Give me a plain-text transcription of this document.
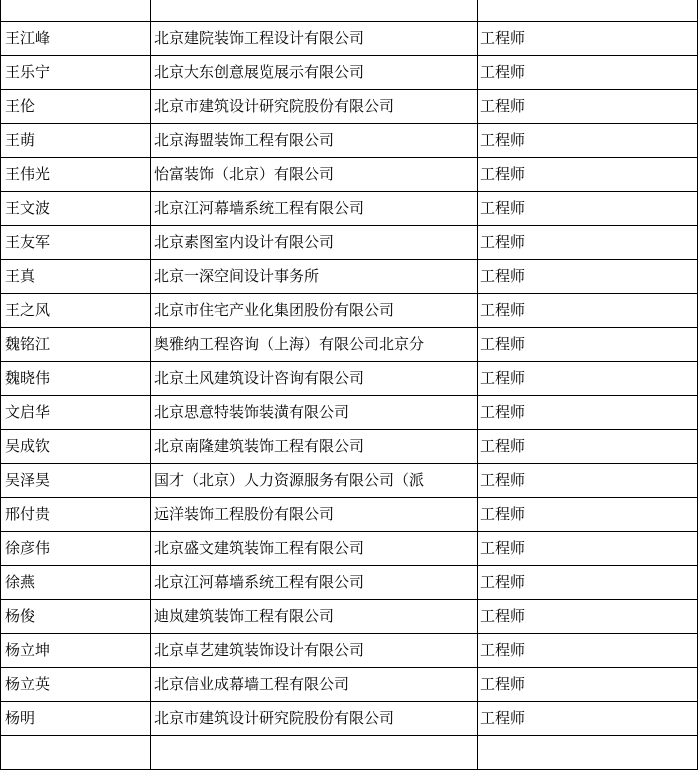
王江峰	北京建院装饰工程设计有限公司	工程师
王乐宁	北京大东创意展览展示有限公司	工程师
王伦	北京市建筑设计研究院股份有限公司	工程师
王萌	北京海盟装饰工程有限公司	工程师
王伟光	怡富装饰（北京）有限公司	工程师
王文波	北京江河幕墙系统工程有限公司	工程师
王友军	北京素图室内设计有限公司	工程师
王真	北京一深空间设计事务所	工程师
王之风	北京市住宅产业化集团股份有限公司	工程师
魏铭江	奥雅纳工程咨询（上海）有限公司北京分	工程师
魏晓伟	北京土风建筑设计咨询有限公司	工程师
文启华	北京思意特装饰装潢有限公司	工程师
吴成钦	北京南隆建筑装饰工程有限公司	工程师
吴泽昊	国才（北京）人力资源服务有限公司（派	工程师
邢付贵	远洋装饰工程股份有限公司	工程师
徐彦伟	北京盛文建筑装饰工程有限公司	工程师
徐燕	北京江河幕墙系统工程有限公司	工程师
杨俊	迪岚建筑装饰工程有限公司	工程师
杨立坤	北京卓艺建筑装饰设计有限公司	工程师
杨立英	北京信业成幕墙工程有限公司	工程师
杨明	北京市建筑设计研究院股份有限公司	工程师
